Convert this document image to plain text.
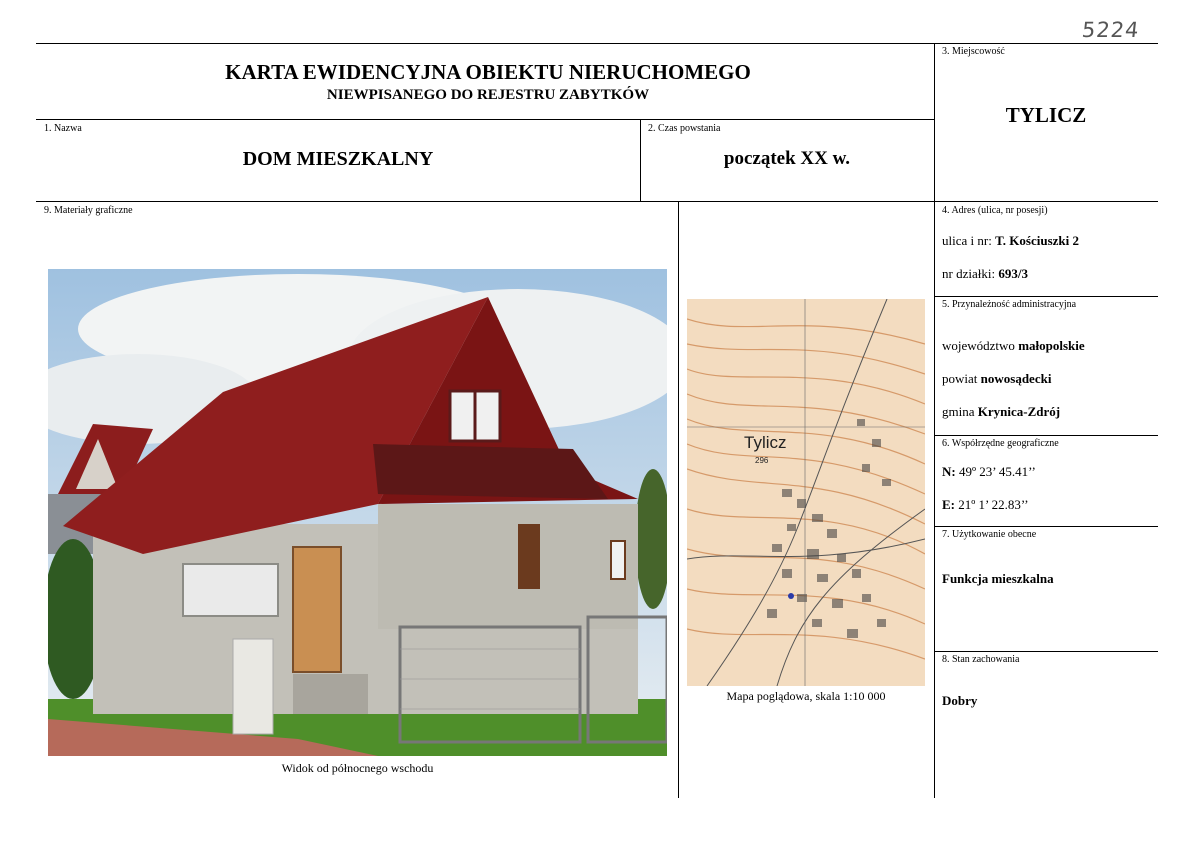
5224
KARTA EWIDENCYJNA OBIEKTU NIERUCHOMEGO
NIEWPISANEGO DO REJESTRU ZABYTKÓW
3. Miejscowość
TYLICZ
1. Nazwa
DOM MIESZKALNY
2. Czas powstania
początek XX w.
9. Materiały graficzne
Widok od północnego wschodu
Tylicz
296
Mapa poglądowa, skala 1:10 000
4. Adres (ulica, nr posesji)
ulica i nr: T. Kościuszki 2
nr działki: 693/3
5. Przynależność administracyjna
województwo małopolskie
powiat nowosądecki
gmina Krynica-Zdrój
6. Współrzędne geograficzne
N: 49º 23’ 45.41’’
E: 21º 1’ 22.83’’
7. Użytkowanie obecne
Funkcja mieszkalna
8. Stan zachowania
Dobry
